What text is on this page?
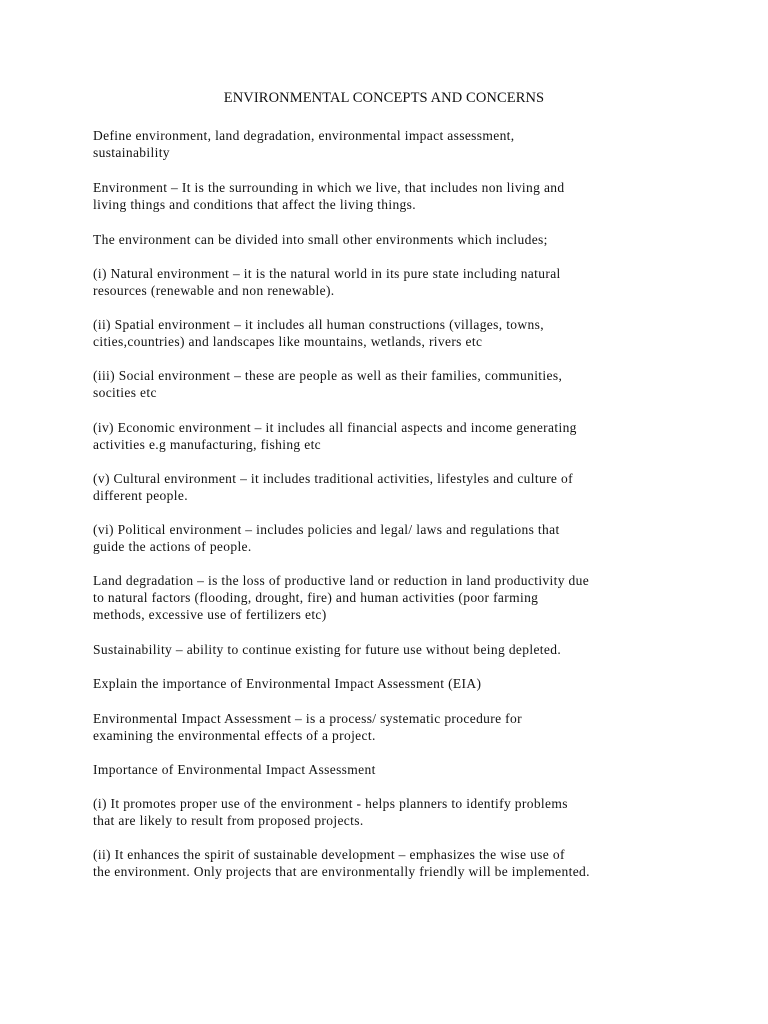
ENVIRONMENTAL CONCEPTS AND CONCERNS
Define environment, land degradation, environmental impact assessment,
sustainability
Environment – It is the surrounding in which we live, that includes non living and
living things and conditions that affect the living things.
The environment can be divided into small other environments which includes;
(i) Natural environment – it is the natural world in its pure state including natural
resources (renewable and non renewable).
(ii) Spatial environment – it includes all human constructions (villages, towns,
cities,countries) and landscapes like mountains, wetlands, rivers etc
(iii) Social environment – these are people as well as their families, communities,
socities etc
(iv) Economic environment – it includes all financial aspects and income generating
activities e.g manufacturing, fishing etc
(v) Cultural environment – it includes traditional activities, lifestyles and culture of
different people.
(vi) Political environment – includes policies and legal/ laws and regulations that
guide the actions of people.
Land degradation – is the loss of productive land or reduction in land productivity due
to natural factors (flooding, drought, fire) and human activities (poor farming
methods, excessive use of fertilizers etc)
Sustainability – ability to continue existing for future use without being depleted.
Explain the importance of Environmental Impact Assessment (EIA)
Environmental Impact Assessment – is a process/ systematic procedure for
examining the environmental effects of a project.
Importance of Environmental Impact Assessment
(i) It promotes proper use of the environment - helps planners to identify problems
that are likely to result from proposed projects.
(ii) It enhances the spirit of sustainable development – emphasizes the wise use of
the environment. Only projects that are environmentally friendly will be implemented.
